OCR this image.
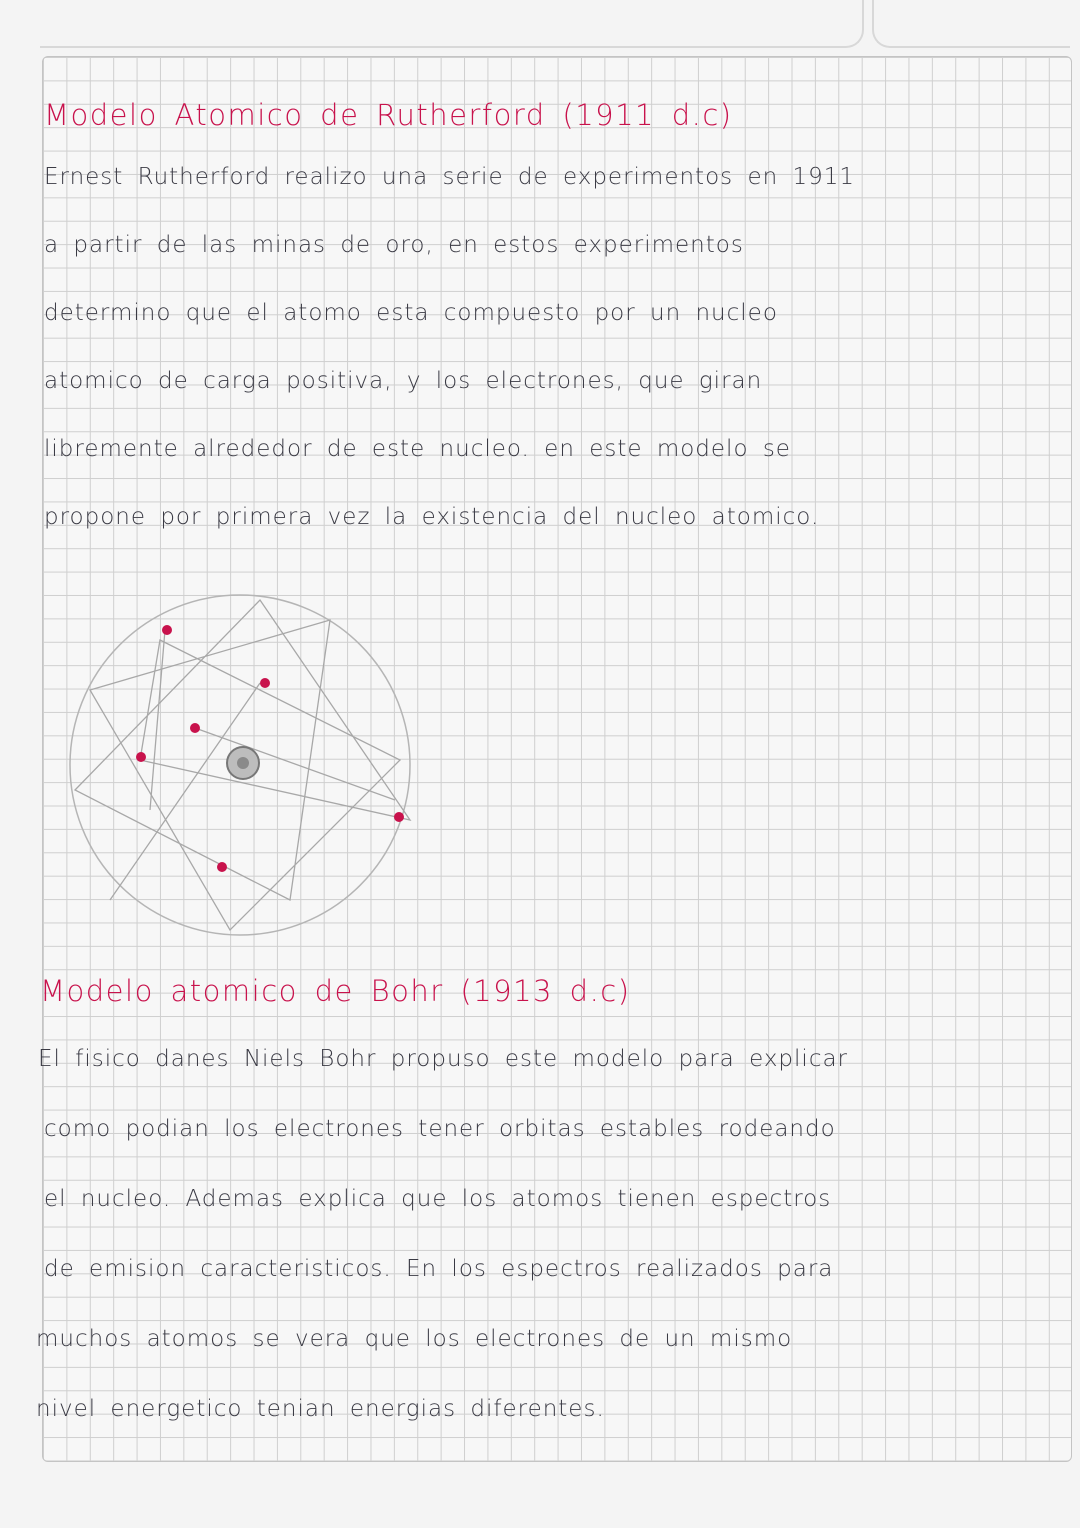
Modelo Atomico de Rutherford (1911 d.c)
Ernest Rutherford realizo una serie de experimentos en 1911
a partir de las minas de oro, en estos experimentos
determino que el atomo esta compuesto por un nucleo
atomico de carga positiva, y los electrones, que giran
libremente alrededor de este nucleo. en este modelo se
propone por primera vez la existencia del nucleo atomico.
Modelo atomico de Bohr (1913 d.c)
El fisico danes Niels Bohr propuso este modelo para explicar
como podian los electrones tener orbitas estables rodeando
el nucleo. Ademas explica que los atomos tienen espectros
de emision caracteristicos. En los espectros realizados para
muchos atomos se vera que los electrones de un mismo
nivel energetico tenian energias diferentes.
